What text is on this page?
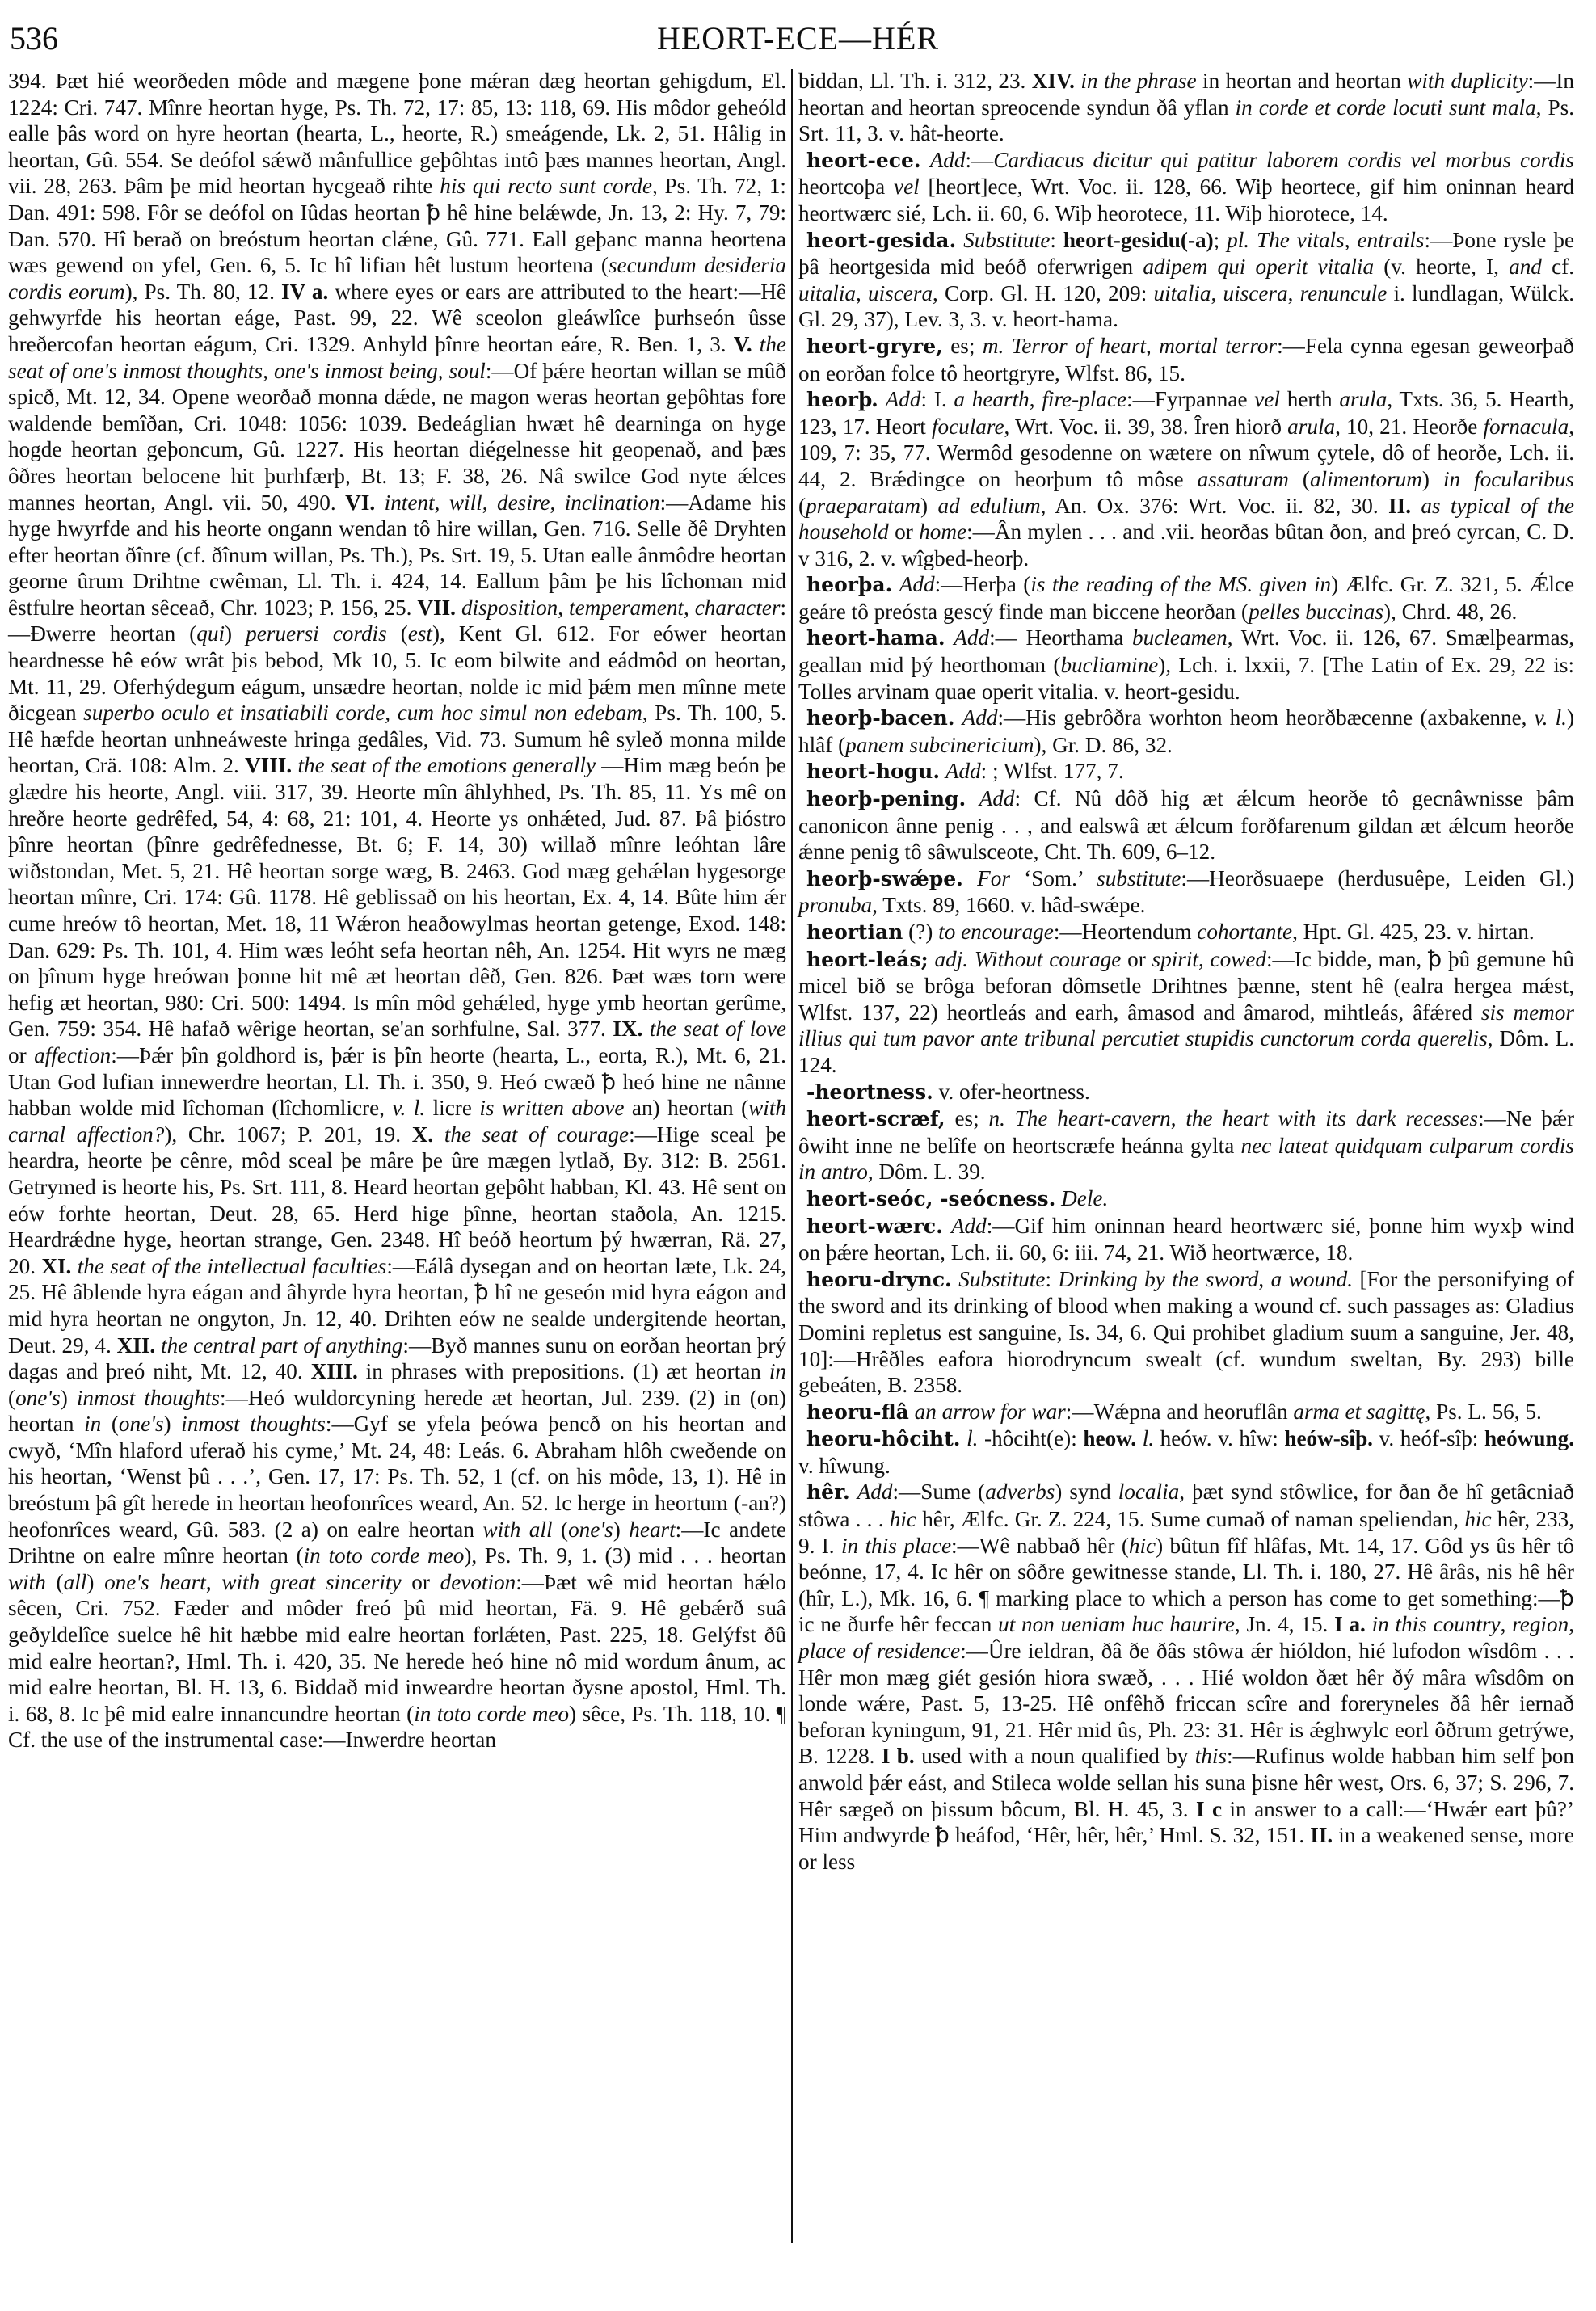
536	HEORT-ECE—HÉR

394. Þæt hié weorðeden môde and mægene þone mǽran dæg heortan gehigdum, El. 1224: Cri. 747. Mînre heortan hyge, Ps. Th. 72, 17: 85, 13: 118, 69. His môdor geheóld ealle þâs word on hyre heortan (hearta, L., heorte, R.) smeágende, Lk. 2, 51. Hâlig in heortan, Gû. 554. Se deófol sǽwð mânfullice geþôhtas intô þæs mannes heortan, Angl. vii. 28, 263. Þâm þe mid heortan hycgeað rihte his qui recto sunt corde, Ps. Th. 72, 1: Dan. 491: 598. Fôr se deófol on Iûdas heortan ꝥ hê hine belǽwde, Jn. 13, 2: Hy. 7, 79: Dan. 570. Hî berað on breóstum heortan clǽne, Gû. 771. Eall geþanc manna heortena wæs gewend on yfel, Gen. 6, 5. Ic hî lifian hêt lustum heortena (secundum desideria cordis eorum), Ps. Th. 80, 12. IV a. where eyes or ears are attributed to the heart:—Hê gehwyrfde his heortan eáge, Past. 99, 22. Wê sceolon gleáwlîce þurhseón ûsse hreðercofan heortan eágum, Cri. 1329. Anhyld þînre heortan eáre, R. Ben. 1, 3. V. the seat of one's inmost thoughts, one's inmost being, soul:—Of þǽre heortan willan se mûð spicð, Mt. 12, 34. Opene weorðað monna dǽde, ne magon weras heortan geþôhtas fore waldende bemîðan, Cri. 1048: 1056: 1039. Bedeáglian hwæt hê dearninga on hyge hogde heortan geþoncum, Gû. 1227. His heortan diégelnesse hit geopenað, and þæs ôðres heortan belocene hit þurhfærþ, Bt. 13; F. 38, 26. Nâ swilce God nyte ǽlces mannes heortan, Angl. vii. 50, 490. VI. intent, will, desire, inclination:—Adame his hyge hwyrfde and his heorte ongann wendan tô hire willan, Gen. 716. Selle ðê Dryhten efter heortan ðînre (cf. ðînum willan, Ps. Th.), Ps. Srt. 19, 5. Utan ealle ânmôdre heortan georne ûrum Drihtne cwêman, Ll. Th. i. 424, 14. Eallum þâm þe his lîchoman mid êstfulre heortan sêceað, Chr. 1023; P. 156, 25. VII. disposition, temperament, character:—Ðwerre heortan (qui) peruersi cordis (est), Kent Gl. 612. For eówer heortan heardnesse hê eów wrât þis bebod, Mk 10, 5. Ic eom bilwite and eádmôd on heortan, Mt. 11, 29. Oferhýdegum eágum, unsædre heortan, nolde ic mid þǽm men mînne mete ðicgean superbo oculo et insatiabili corde, cum hoc simul non edebam, Ps. Th. 100, 5. Hê hæfde heortan unhneáweste hringa gedâles, Vid. 73. Sumum hê syleð monna milde heortan, Crä. 108: Alm. 2. VIII. the seat of the emotions generally —Him mæg beón þe glædre his heorte, Angl. viii. 317, 39. Heorte mîn âhlyhhed, Ps. Th. 85, 11. Ys mê on hreðre heorte gedrêfed, 54, 4: 68, 21: 101, 4. Heorte ys onhǽted, Jud. 87. Þâ þióstro þînre heortan (þînre gedrêfednesse, Bt. 6; F. 14, 30) willað mînre leóhtan lâre wiðstondan, Met. 5, 21. Hê heortan sorge wæg, B. 2463. God mæg gehǽlan hygesorge heortan mînre, Cri. 174: Gû. 1178. Hê geblissað on his heortan, Ex. 4, 14. Bûte him ǽr cume hreów tô heortan, Met. 18, 11 Wǽron heaðowylmas heortan getenge, Exod. 148: Dan. 629: Ps. Th. 101, 4. Him wæs leóht sefa heortan nêh, An. 1254. Hit wyrs ne mæg on þînum hyge hreówan þonne hit mê æt heortan dêð, Gen. 826. Þæt wæs torn were hefig æt heortan, 980: Cri. 500: 1494. Is mîn môd gehǽled, hyge ymb heortan gerûme, Gen. 759: 354. Hê hafað wêrige heortan, se'an sorhfulne, Sal. 377. IX. the seat of love or affection:—Þǽr þîn goldhord is, þǽr is þîn heorte (hearta, L., eorta, R.), Mt. 6, 21. Utan God lufian innewerdre heortan, Ll. Th. i. 350, 9. Heó cwæð ꝥ heó hine ne nânne habban wolde mid lîchoman (lîchomlicre, v. l. licre is written above an) heortan (with carnal affection?), Chr. 1067; P. 201, 19. X. the seat of courage:—Hige sceal þe heardra, heorte þe cênre, môd sceal þe mâre þe ûre mægen lytlað, By. 312: B. 2561. Getrymed is heorte his, Ps. Srt. 111, 8. Heard heortan geþôht habban, Kl. 43. Hê sent on eów forhte heortan, Deut. 28, 65. Herd hige þînne, heortan staðola, An. 1215. Heardrǽdne hyge, heortan strange, Gen. 2348. Hî beóð heortum þý hwærran, Rä. 27, 20. XI. the seat of the intellectual faculties:—Eálâ dysegan and on heortan læte, Lk. 24, 25. Hê âblende hyra eágan and âhyrde hyra heortan, ꝥ hî ne geseón mid hyra eágon and mid hyra heortan ne ongyton, Jn. 12, 40. Drihten eów ne sealde undergitende heortan, Deut. 29, 4. XII. the central part of anything:—Byð mannes sunu on eorðan heortan þrý dagas and þreó niht, Mt. 12, 40. XIII. in phrases with prepositions. (1) æt heortan in (one's) inmost thoughts:—Heó wuldorcyning herede æt heortan, Jul. 239. (2) in (on) heortan in (one's) inmost thoughts:—Gyf se yfela þeówa þencð on his heortan and cwyð, ‘Mîn hlaford uferað his cyme,’ Mt. 24, 48: Leás. 6. Abraham hlôh cweðende on his heortan, ‘Wenst þû . . .’, Gen. 17, 17: Ps. Th. 52, 1 (cf. on his môde, 13, 1). Hê in breóstum þâ gît herede in heortan heofonrîces weard, An. 52. Ic herge in heortum (-an?) heofonrîces weard, Gû. 583. (2 a) on ealre heortan with all (one's) heart:—Ic andete Drihtne on ealre mînre heortan (in toto corde meo), Ps. Th. 9, 1. (3) mid . . . heortan with (all) one's heart, with great sincerity or devotion:—Þæt wê mid heortan hǽlo sêcen, Cri. 752. Fæder and môder freó þû mid heortan, Fä. 9. Hê gebǽrð suâ geðyldelîce suelce hê hit hæbbe mid ealre heortan forlǽten, Past. 225, 18. Gelýfst ðû mid ealre heortan?, Hml. Th. i. 420, 35. Ne herede heó hine nô mid wordum ânum, ac mid ealre heortan, Bl. H. 13, 6. Biddað mid inweardre heortan ðysne apostol, Hml. Th. i. 68, 8. Ic þê mid ealre innancundre heortan (in toto corde meo) sêce, Ps. Th. 118, 10. ¶ Cf. the use of the instrumental case:—Inwerdre heortan

biddan, Ll. Th. i. 312, 23. XIV. in the phrase in heortan and heortan with duplicity:—In heortan and heortan spreocende syndun ðâ yflan in corde et corde locuti sunt mala, Ps. Srt. 11, 3. v. hât-heorte.

heort-ece. Add:—Cardiacus dicitur qui patitur laborem cordis vel morbus cordis heortcoþa vel [heort]ece, Wrt. Voc. ii. 128, 66. Wiþ heortece, gif him oninnan heard heortwærc sié, Lch. ii. 60, 6. Wiþ heorotece, 11. Wiþ hiorotece, 14.

heort-gesida. Substitute: heort-gesidu(-a); pl. The vitals, entrails:—Þone rysle þe þâ heortgesida mid beóð oferwrigen adipem qui operit vitalia (v. heorte, I, and cf. uitalia, uiscera, Corp. Gl. H. 120, 209: uitalia, uiscera, renuncule i. lundlagan, Wülck. Gl. 29, 37), Lev. 3, 3. v. heort-hama.

heort-gryre, es; m. Terror of heart, mortal terror:—Fela cynna egesan geweorþað on eorðan folce tô heortgryre, Wlfst. 86, 15.

heorþ. Add: I. a hearth, fire-place:—Fyrpannae vel herth arula, Txts. 36, 5. Hearth, 123, 17. Heort foculare, Wrt. Voc. ii. 39, 38. Îren hiorð arula, 10, 21. Heorðe fornacula, 109, 7: 35, 77. Wermôd gesodenne on wætere on nîwum çytele, dô of heorðe, Lch. ii. 44, 2. Brǽdingce on heorþum tô môse assaturam (alimentorum) in focularibus (praeparatam) ad edulium, An. Ox. 376: Wrt. Voc. ii. 82, 30. II. as typical of the household or home:—Ân mylen . . . and .vii. heorðas bûtan ðon, and þreó cyrcan, C. D. v 316, 2. v. wîgbed-heorþ.

heorþa. Add:—Herþa (is the reading of the MS. given in) Ælfc. Gr. Z. 321, 5. Ǽlce geáre tô preósta gescý finde man biccene heorðan (pelles buccinas), Chrd. 48, 26.

heort-hama. Add:— Heorthama bucleamen, Wrt. Voc. ii. 126, 67. Smælþearmas, geallan mid þý heorthoman (bucliamine), Lch. i. lxxii, 7. [The Latin of Ex. 29, 22 is: Tolles arvinam quae operit vitalia. v. heort-gesidu.

heorþ-bacen. Add:—His gebrôðra worhton heom heorðbæcenne (axbakenne, v. l.) hlâf (panem subcinericium), Gr. D. 86, 32.

heort-hogu. Add: ; Wlfst. 177, 7.

heorþ-pening. Add: Cf. Nû dôð hig æt ǽlcum heorðe tô gecnâwnisse þâm canonicon ânne penig . . , and ealswâ æt ǽlcum forðfarenum gildan æt ǽlcum heorðe ǽnne penig tô sâwulsceote, Cht. Th. 609, 6–12.

heorþ-swǽpe. For ‘Som.’ substitute:—Heorðsuaepe (herdusuêpe, Leiden Gl.) pronuba, Txts. 89, 1660. v. hâd-swǽpe.

heortian (?) to encourage:—Heortendum cohortante, Hpt. Gl. 425, 23. v. hirtan.

heort-leás; adj. Without courage or spirit, cowed:—Ic bidde, man, ꝥ þû gemune hû micel bið se brôga beforan dômsetle Drihtnes þænne, stent hê (ealra hergea mǽst, Wlfst. 137, 22) heortleás and earh, âmasod and âmarod, mihtleás, âfǽred sis memor illius qui tum pavor ante tribunal percutiet stupidis cunctorum corda querelis, Dôm. L. 124.

-heortness. v. ofer-heortness.

heort-scræf, es; n. The heart-cavern, the heart with its dark recesses:—Ne þǽr ôwiht inne ne belîfe on heortscræfe heánna gylta nec lateat quidquam culparum cordis in antro, Dôm. L. 39.

heort-seóc, -seócness. Dele.

heort-wærc. Add:—Gif him oninnan heard heortwærc sié, þonne him wyxþ wind on þǽre heortan, Lch. ii. 60, 6: iii. 74, 21. Wið heortwærce, 18.

heoru-drync. Substitute: Drinking by the sword, a wound. [For the personifying of the sword and its drinking of blood when making a wound cf. such passages as: Gladius Domini repletus est sanguine, Is. 34, 6. Qui prohibet gladium suum a sanguine, Jer. 48, 10]:—Hrêðles eafora hiorodryncum swealt (cf. wundum sweltan, By. 293) bille gebeáten, B. 2358.

heoru-flâ an arrow for war:—Wǽpna and heoruflân arma et sagittę, Ps. L. 56, 5.

heoru-hôciht. l. -hôciht(e): heow. l. heów. v. hîw: heów-sîþ. v. heóf-sîþ: heówung. v. hîwung.

hêr. Add:—Sume (adverbs) synd localia, þæt synd stôwlice, for ðan ðe hî getâcniað stôwa . . . hic hêr, Ælfc. Gr. Z. 224, 15. Sume cumað of naman speliendan, hic hêr, 233, 9. I. in this place:—Wê nabbað hêr (hic) bûtun fîf hlâfas, Mt. 14, 17. Gôd ys ûs hêr tô beónne, 17, 4. Ic hêr on sôðre gewitnesse stande, Ll. Th. i. 180, 27. Hê ârâs, nis hê hêr (hîr, L.), Mk. 16, 6. ¶ marking place to which a person has come to get something:—ꝥ ic ne ðurfe hêr feccan ut non ueniam huc haurire, Jn. 4, 15. I a. in this country, region, place of residence:—Ûre ieldran, ðâ ðe ðâs stôwa ǽr hióldon, hié lufodon wîsdôm . . . Hêr mon mæg giét gesión hiora swæð, . . . Hié woldon ðæt hêr ðý mâra wîsdôm on londe wǽre, Past. 5, 13-25. Hê onfêhð friccan scîre and foreryneles ðâ hêr iernað beforan kyningum, 91, 21. Hêr mid ûs, Ph. 23: 31. Hêr is ǽghwylc eorl ôðrum getrýwe, B. 1228. I b. used with a noun qualified by this:—Rufinus wolde habban him self þon anwold þǽr eást, and Stileca wolde sellan his suna þisne hêr west, Ors. 6, 37; S. 296, 7. Hêr sægeð on þissum bôcum, Bl. H. 45, 3. I c in answer to a call:—‘Hwǽr eart þû?’ Him andwyrde ꝥ heáfod, ‘Hêr, hêr, hêr,’ Hml. S. 32, 151. II. in a weakened sense, more or less
